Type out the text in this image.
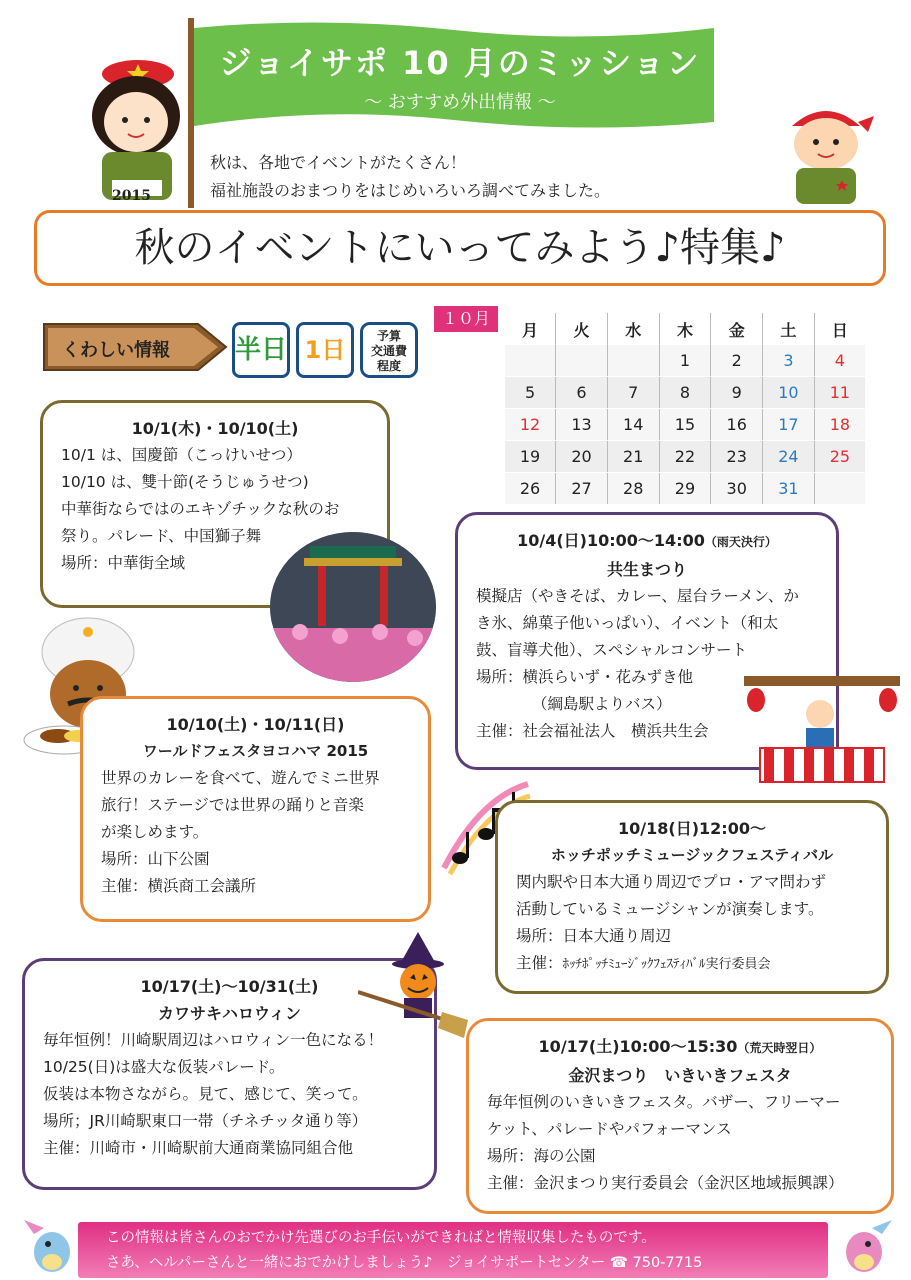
ジョイサポ 10 月のミッション
～ おすすめ外出情報 ～
秋は、各地でイベントがたくさん！
福祉施設のおまつりをはじめいろいろ調べてみました。
2015
秋のイベントにいってみよう♪特集♪
くわしい情報	半日 1日	予算
交通費
程度
１０月
月	火	水	木	金	土	日
			1	2	3	4
5	6	7	8	9	10	11
12	13	14	15	16	17	18
19	20	21	22	23	24	25
26	27	28	29	30	31	
10/1(木)・10/10(土)
10/1 は、国慶節（こっけいせつ）
10/10 は、雙十節(そうじゅうせつ)
中華街ならではのエキゾチックな秋のお
祭り。パレード、中国獅子舞
場所：中華街全域
10/4(日)10:00～14:00（雨天決行）
共生まつり
模擬店（やきそば、カレー、屋台ラーメン、か
き氷、綿菓子他いっぱい）、イベント（和太
鼓、盲導犬他）、スペシャルコンサート
場所：横浜らいず・花みずき他
（綱島駅よりバス）
主催：社会福祉法人　横浜共生会
10/10(土)・10/11(日)
ワールドフェスタヨコハマ 2015
世界のカレーを食べて、遊んでミニ世界
旅行！ステージでは世界の踊りと音楽
が楽しめます。
場所：山下公園
主催：横浜商工会議所
10/18(日)12:00～
ホッチポッチミュージックフェスティバル
関内駅や日本大通り周辺でプロ・アマ問わず
活動しているミュージシャンが演奏します。
場所：日本大通り周辺
主催：ﾎｯﾁﾎﾟｯﾁﾐｭｰｼﾞｯｸﾌｪｽﾃｨﾊﾞﾙ実行委員会
10/17(土)～10/31(土)
カワサキハロウィン
毎年恒例！川崎駅周辺はハロウィン一色になる！
10/25(日)は盛大な仮装パレード。
仮装は本物さながら。見て、感じて、笑って。
場所；JR川崎駅東口一帯（チネチッタ通り等）
主催：川崎市・川崎駅前大通商業協同組合他
10/17(土)10:00～15:30（荒天時翌日）
金沢まつり　いきいきフェスタ
毎年恒例のいきいきフェスタ。バザー、フリーマー
ケット、パレードやパフォーマンス
場所：海の公園
主催：金沢まつり実行委員会（金沢区地域振興課）
この情報は皆さんのおでかけ先選びのお手伝いができればと情報収集したものです。
さあ、ヘルパーさんと一緒におでかけしましょう♪　ジョイサポートセンター ☎ 750-7715
